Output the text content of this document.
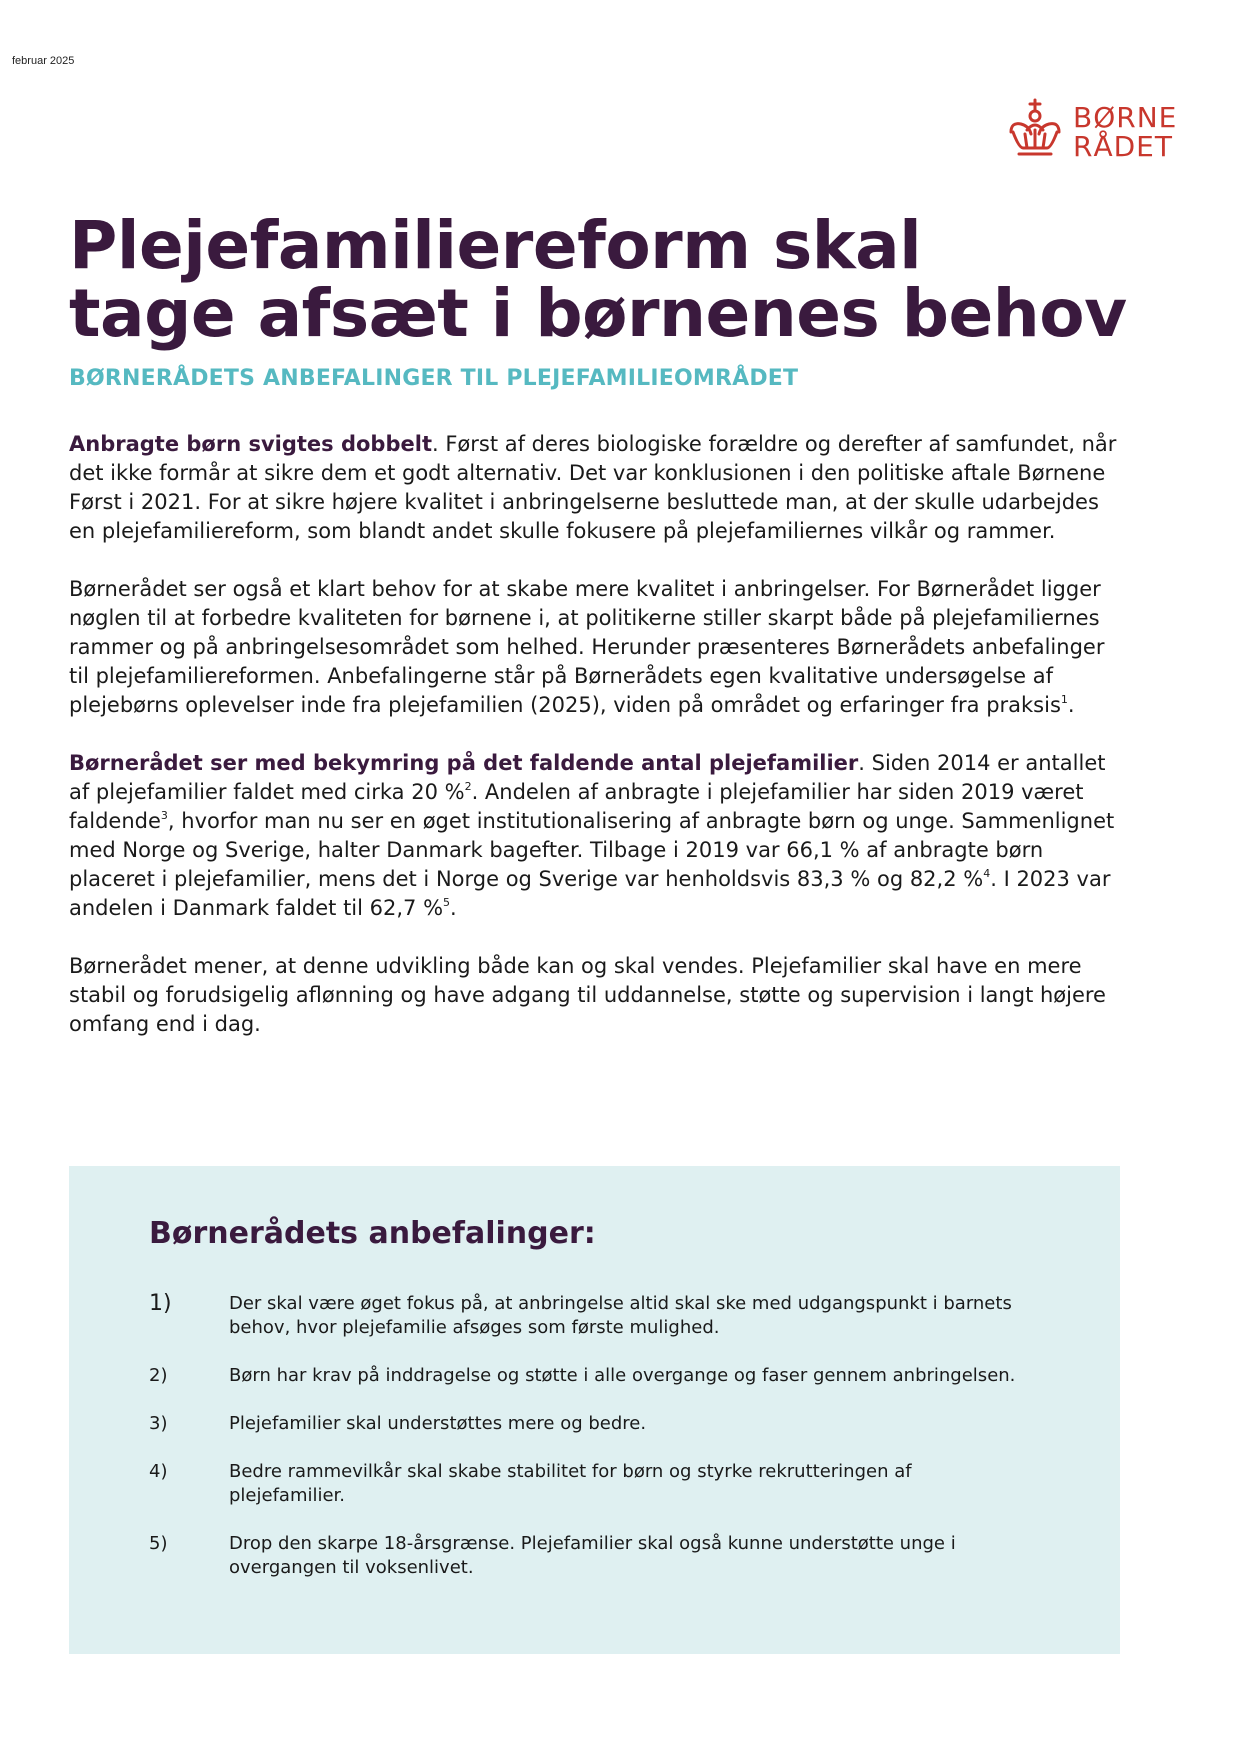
februar 2025
BØRNE
RÅDET
Plejefamiliereform skal
tage afsæt i børnenes behov
BØRNERÅDETS ANBEFALINGER TIL PLEJEFAMILIEOMRÅDET

Anbragte børn svigtes dobbelt. Først af deres biologiske forældre og derefter af samfundet, når det ikke formår at sikre dem et godt alternativ. Det var konklusionen i den politiske aftale Børnene Først i 2021. For at sikre højere kvalitet i anbringelserne besluttede man, at der skulle udarbejdes en plejefamiliereform, som blandt andet skulle fokusere på plejefamiliernes vilkår og rammer.

Børnerådet ser også et klart behov for at skabe mere kvalitet i anbringelser. For Børnerådet ligger nøglen til at forbedre kvaliteten for børnene i, at politikerne stiller skarpt både på plejefamiliernes rammer og på anbringelsesområdet som helhed. Herunder præsenteres Børnerådets anbefalinger til plejefamiliereformen. Anbefalingerne står på Børnerådets egen kvalitative undersøgelse af plejebørns oplevelser inde fra plejefamilien (2025), viden på området og erfaringer fra praksis$^1$.

Børnerådet ser med bekymring på det faldende antal plejefamilier. Siden 2014 er antallet af plejefamilier faldet med cirka 20 %$^2$. Andelen af anbragte i plejefamilier har siden 2019 været faldende$^3$, hvorfor man nu ser en øget institutionalisering af anbragte børn og unge. Sammenlignet med Norge og Sverige, halter Danmark bagefter. Tilbage i 2019 var 66,1 % af anbragte børn placeret i plejefamilier, mens det i Norge og Sverige var henholdsvis 83,3 % og 82,2 %$^4$. I 2023 var andelen i Danmark faldet til 62,7 %$^5$.

Børnerådet mener, at denne udvikling både kan og skal vendes. Plejefamilier skal have en mere stabil og forudsigelig aflønning og have adgang til uddannelse, støtte og supervision i langt højere omfang end i dag.

Børnerådets anbefalinger:
1)	Der skal være øget fokus på, at anbringelse altid skal ske med udgangspunkt i barnets behov, hvor plejefamilie afsøges som første mulighed.
2)	Børn har krav på inddragelse og støtte i alle overgange og faser gennem anbringelsen.
3)	Plejefamilier skal understøttes mere og bedre.
4)	Bedre rammevilkår skal skabe stabilitet for børn og styrke rekrutteringen af plejefamilier.
5)	Drop den skarpe 18-årsgrænse. Plejefamilier skal også kunne understøtte unge i overgangen til voksenlivet.
